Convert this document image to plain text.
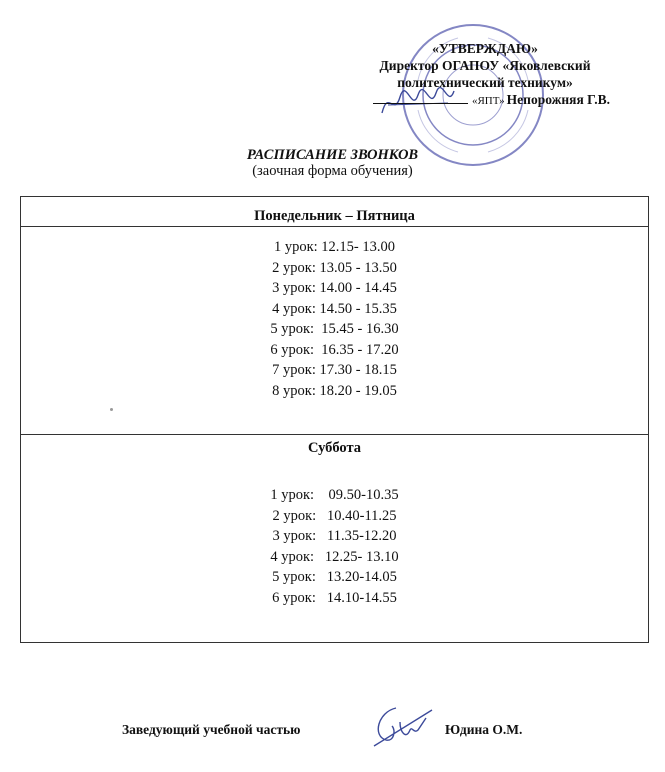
«УТВЕРЖДАЮ»
Директор ОГАПОУ «Яковлевский
политехнический техникум»
«ЯПТ» Непорожняя Г.В.
РАСПИСАНИЕ ЗВОНКОВ
(заочная форма обучения)
Понедельник – Пятница
1 урок: 12.15- 13.00
2 урок: 13.05 - 13.50
3 урок: 14.00 - 14.45
4 урок: 14.50 - 15.35
5 урок:  15.45 - 16.30
6 урок:  16.35 - 17.20
7 урок: 17.30 - 18.15
8 урок: 18.20 - 19.05
Суббота
1 урок:    09.50-10.35
2 урок:   10.40-11.25
3 урок:   11.35-12.20
4 урок:   12.25- 13.10
5 урок:   13.20-14.05
6 урок:   14.10-14.55
Заведующий учебной частью	Юдина О.М.
